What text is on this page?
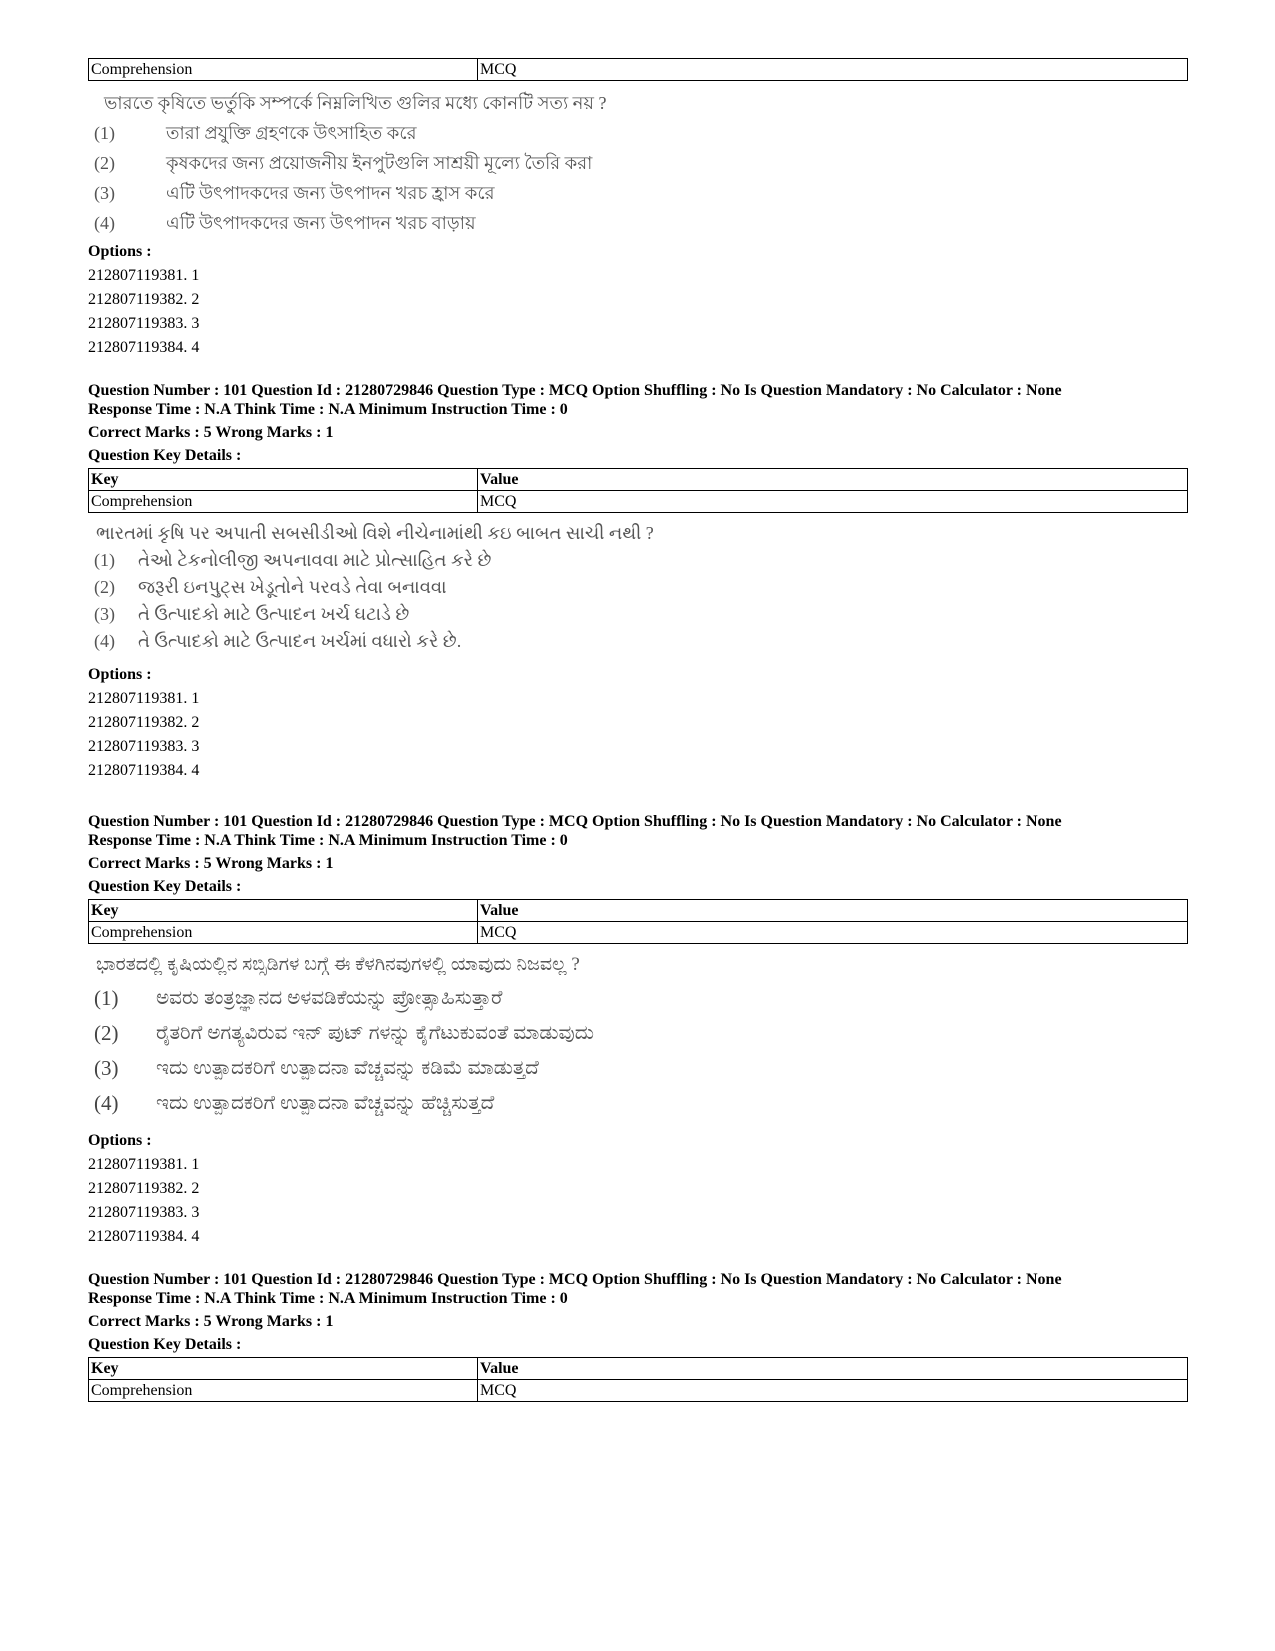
Comprehension	MCQ
ভারতে কৃষিতে ভর্তুকি সম্পর্কে নিম্নলিখিত গুলির মধ্যে কোনটি সত্য নয় ?
(1)	তারা প্রযুক্তি গ্রহণকে উৎসাহিত করে
(2)	কৃষকদের জন্য প্রয়োজনীয় ইনপুটগুলি সাশ্রয়ী মূল্যে তৈরি করা
(3)	এটি উৎপাদকদের জন্য উৎপাদন খরচ হ্রাস করে
(4)	এটি উৎপাদকদের জন্য উৎপাদন খরচ বাড়ায়
Options :
212807119381. 1
212807119382. 2
212807119383. 3
212807119384. 4
Question Number : 101 Question Id : 21280729846 Question Type : MCQ Option Shuffling : No Is Question Mandatory : No Calculator : None
Response Time : N.A Think Time : N.A Minimum Instruction Time : 0
Correct Marks : 5 Wrong Marks : 1
Question Key Details :
Key	Value
Comprehension	MCQ
ભારતમાં કૃષિ પર અપાતી સબસીડીઓ વિશે નીચેનામાંથી કઇ બાબત સાચી નથી ?
(1)	તેઓ ટેકનોલીજી અપનાવવા માટે પ્રોત્સાહિત કરે છે
(2)	જરૂરી ઇનપુટ્સ ખેડૂતોને પરવડે તેવા બનાવવા
(3)	તે ઉત્પાદકો માટે ઉત્પાદન ખર્ચ ઘટાડે છે
(4)	તે ઉત્પાદકો માટે ઉત્પાદન ખર્ચમાં વધારો કરે છે.
Options :
212807119381. 1
212807119382. 2
212807119383. 3
212807119384. 4
Question Number : 101 Question Id : 21280729846 Question Type : MCQ Option Shuffling : No Is Question Mandatory : No Calculator : None
Response Time : N.A Think Time : N.A Minimum Instruction Time : 0
Correct Marks : 5 Wrong Marks : 1
Question Key Details :
Key	Value
Comprehension	MCQ
ಭಾರತದಲ್ಲಿ ಕೃಷಿಯಲ್ಲಿನ ಸಬ್ಸಿಡಿಗಳ ಬಗ್ಗೆ ಈ ಕೆಳಗಿನವುಗಳಲ್ಲಿ ಯಾವುದು ನಿಜವಲ್ಲ ?
(1)	ಅವರು ತಂತ್ರಜ್ಞಾನದ ಅಳವಡಿಕೆಯನ್ನು ಪ್ರೋತ್ಸಾಹಿಸುತ್ತಾರೆ
(2)	ರೈತರಿಗೆ ಅಗತ್ಯವಿರುವ ಇನ್ ಪುಟ್ ಗಳನ್ನು ಕೈಗೆಟುಕುವಂತೆ ಮಾಡುವುದು
(3)	ಇದು ಉತ್ಪಾದಕರಿಗೆ ಉತ್ಪಾದನಾ ವೆಚ್ಚವನ್ನು ಕಡಿಮೆ ಮಾಡುತ್ತದೆ
(4)	ಇದು ಉತ್ಪಾದಕರಿಗೆ ಉತ್ಪಾದನಾ ವೆಚ್ಚವನ್ನು ಹೆಚ್ಚಿಸುತ್ತದೆ
Options :
212807119381. 1
212807119382. 2
212807119383. 3
212807119384. 4
Question Number : 101 Question Id : 21280729846 Question Type : MCQ Option Shuffling : No Is Question Mandatory : No Calculator : None
Response Time : N.A Think Time : N.A Minimum Instruction Time : 0
Correct Marks : 5 Wrong Marks : 1
Question Key Details :
Key	Value
Comprehension	MCQ
